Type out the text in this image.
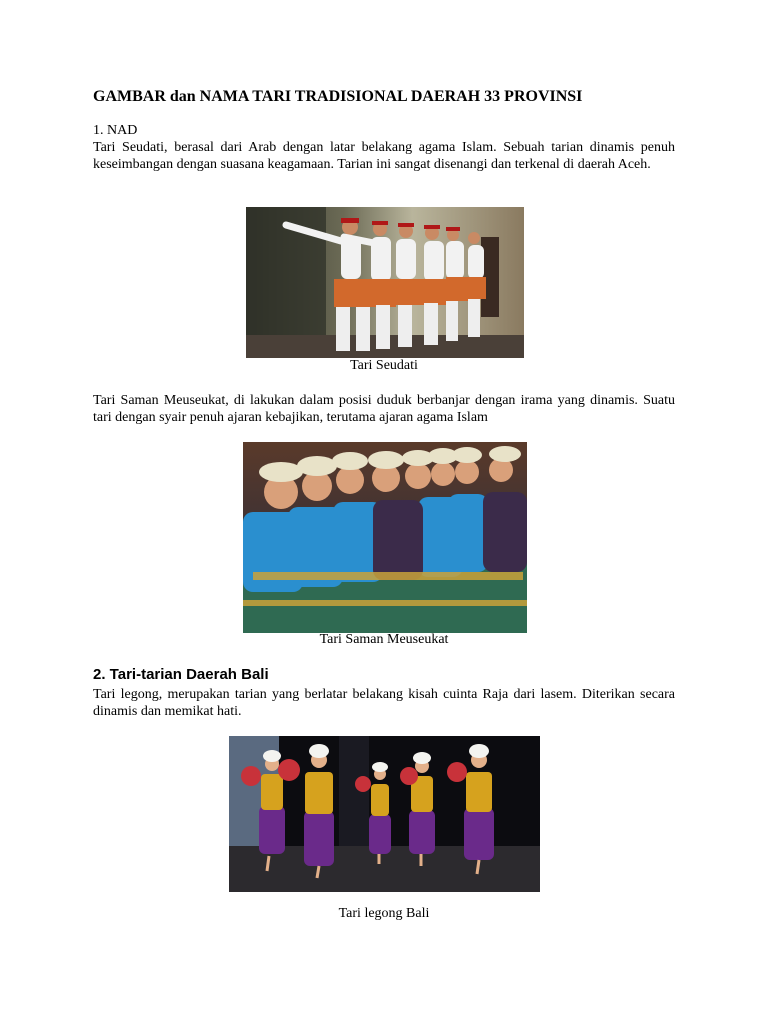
GAMBAR dan NAMA TARI TRADISIONAL DAERAH 33 PROVINSI
1. NAD

Tari Seudati, berasal dari Arab dengan latar belakang agama Islam. Sebuah tarian dinamis penuh keseimbangan dengan suasana keagamaan. Tarian ini sangat disenangi dan terkenal di daerah Aceh.

Tari Seudati

Tari Saman Meuseukat, di lakukan dalam posisi duduk berbanjar dengan irama yang dinamis. Suatu tari dengan syair penuh ajaran kebajikan, terutama ajaran agama Islam

Tari Saman Meuseukat

2. Tari-tarian Daerah Bali

Tari legong, merupakan tarian yang berlatar belakang kisah cuinta Raja dari lasem. Diterikan secara dinamis dan memikat hati.

Tari legong Bali
